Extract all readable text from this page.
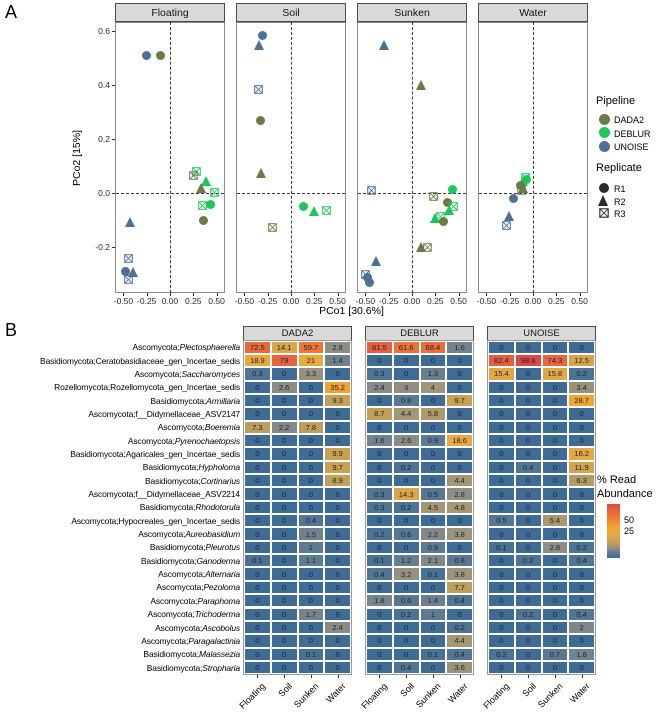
A
B
PCo2 [15%]
PCo1 [30.6%]
Pipeline
DADA2
DEBLUR
UNOISE
Replicate
R1
R2
R3
% Read
Abundance
50
25
Floating
-0.50 -0.25 0.00 0.25 0.50
Soil
-0.50 -0.25 0.00 0.25 0.50
Sunken
-0.50 -0.25 0.00 0.25 0.50
Water
-0.50 -0.25 0.00 0.25 0.50
0.6
0.4
0.2
0.0
-0.2
DADA2
Floating Soil
Sunken Water
DEBLUR
Floating Soil
Sunken Water
UNOISE
Floating Soil
Sunken Water
Ascomycota; Plectosphaerella	72.5	14.1	59.7	2.8	81.5	61.6	68.4	1.6	0	0	0	0
Basidiomycota; Ceratobasidiaceae_gen_Incertae_sedis	18.9	79	21	1.4	0	0	0	0	82.4	98.8	74.3	12.5
Ascomycota; Saccharomyces	0.3	0	3.3	0	0.3	0	1.3	0	15.4	0	15.8	0.2
Rozellomycota; Rozellomycota_gen_Incertae_sedis	0	2.6	0	35.2	2.4	3	4	0	0	0	0	3.4
Basidiomycota; Armillaria	0	0	0	9.3	0	0.8	0	9.7	0	0	0	28.7
Ascomycota; f__Didymellaceae_ASV2147	0	0	0	0	8.7	4.4	5.8	0	0	0	0	0
Ascomycota; Boeremia	7.3	2.2	7.8	0	0	0	0	0	0	0	0	0
Ascomycota; Pyrenochaetopsis	0	0	0	0	1.6	2.6	0.9	18.6	0	0	0	0
Basidiomycota; Agaricales_gen_Incertae_sedis	0	0	0	9.9	0	0	0	0	0	0	0	16.2
Basidiomycota; Hypholoma	0	0	0	9.7	0	0.2	0	0	0	0.4	0	11.9
Basidiomycota; Cortinarius	0	0	0	8.9	0	0	0	4.4	0	0	0	6.3
Ascomycota; f__Didymellaceae_ASV2214	0	0	0	0	0.3	14.3	0.5	2.8	0	0	0	0
Basidiomycota; Rhodotorula	0	0	0	0	0.3	0.2	4.5	4.8	0	0	0	0
Ascomycota; Hypocreales_gen_Incertae_sedis	0	0	0.4	0	0	0	0	0	0.5	0	5.4	0
Ascomycota; Aureobasidium	0	0	1.5	0	0.2	0.6	2.2	3.8	0	0	0	0
Basidiomycota; Pleurotus	0	0	1	0	0	0	0.9	0	0.1	0	2.8	0.2
Basidiomycota; Ganoderma	0.1	0	1.1	0	0.1	1.2	2.1	0.8	0	0.2	0	0.4
Ascomycota; Alternaria	0	0	0	0	0.4	3.2	0.1	3.8	0	0	0	0
Ascomycota; Pezoloma	0	0	0	0	0	0	0	7.7	0	0	0	0
Ascomycota; Paraphoma	0	0	0	0	1.8	0.6	1.4	0.4	0	0	0	0
Ascomycota; Trichoderma	0	0	1.7	0	0	0.2	1	0	0	0.2	0	0.4
Ascomycota; Ascobolus	0	0	0	2.4	0	0	0	0.2	0	0	0	2
Ascomycota; Paragalactinia	0	0	0	0	0	0	0	4.4	0	0	0	0
Basidiomycota; Malassezia	0	0	0.1	0	0	0	0.1	0.4	0.2	0	0.7	1.6
Basidiomycota; Stropharia	0	0	0	0	0	0.4	0	3.6	0	0	0	0
